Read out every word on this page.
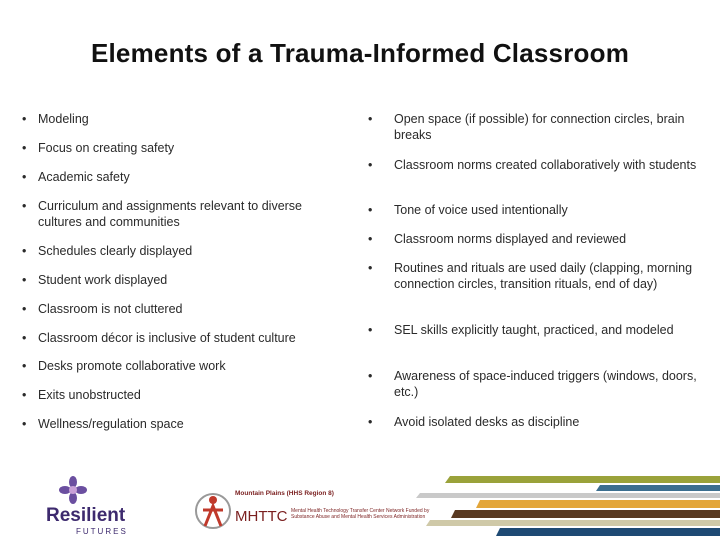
Elements of a Trauma-Informed Classroom
• Modeling
• Focus on creating safety
• Academic safety
• Curriculum and assignments relevant to diverse cultures and communities
• Schedules clearly displayed
• Student work displayed
• Classroom is not cluttered
• Classroom décor is inclusive of student culture
• Desks promote collaborative work
• Exits unobstructed
• Wellness/regulation space
• Open space (if possible) for connection circles, brain breaks
• Classroom norms created collaboratively with students
• Tone of voice used intentionally
• Classroom norms displayed and reviewed
• Routines and rituals are used daily (clapping, morning connection circles, transition rituals, end of day)
• SEL skills explicitly taught, practiced, and modeled
• Awareness of space-induced triggers (windows, doors, etc.)
• Avoid isolated desks as discipline
Resilient
FUTURES
Mountain Plains (HHS Region 8)
MHTTC Mental Health Technology Transfer Center Network Funded by Substance Abuse and Mental Health Services Administration
